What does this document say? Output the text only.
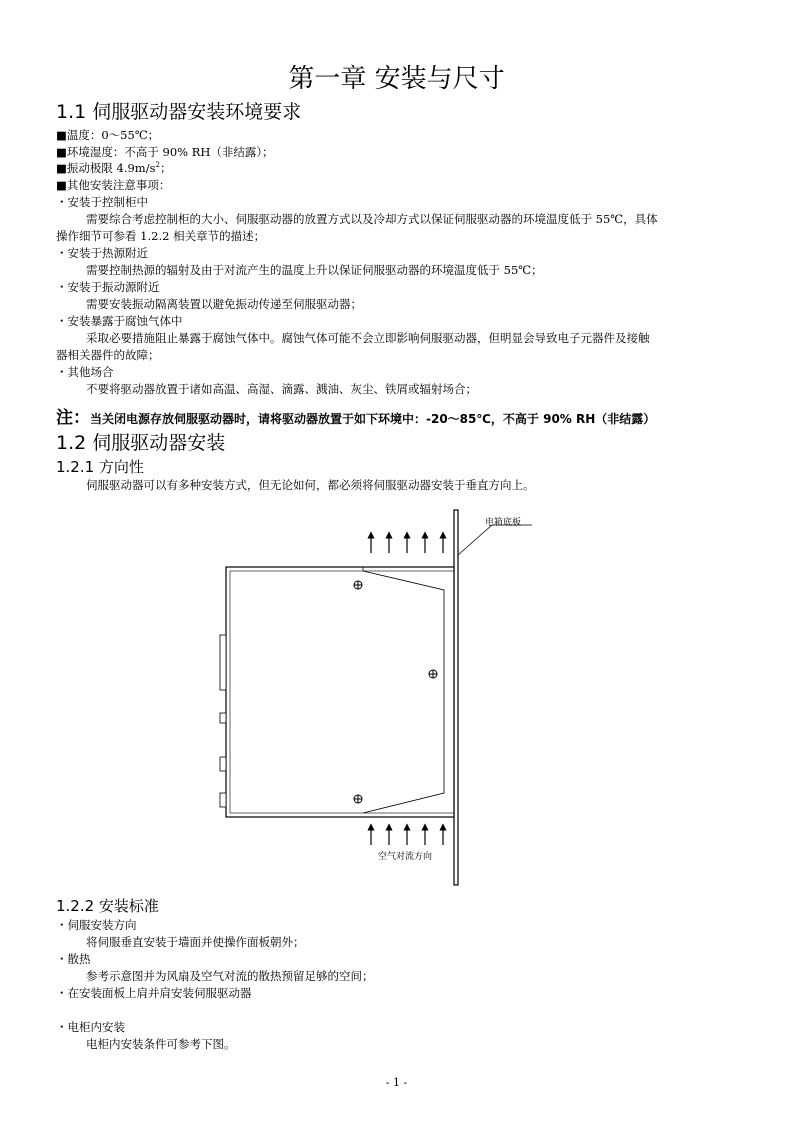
第一章 安装与尺寸
1.1 伺服驱动器安装环境要求
■温度：0～55℃；
■环境湿度：不高于 90% RH（非结露）；
■振动极限 $4.9m/s^2$；
■其他安装注意事项：
・安装于控制柜中
需要综合考虑控制柜的大小、伺服驱动器的放置方式以及冷却方式以保证伺服驱动器的环境温度低于 55℃，具体
操作细节可参看 1.2.2 相关章节的描述；
・安装于热源附近
需要控制热源的辐射及由于对流产生的温度上升以保证伺服驱动器的环境温度低于 55℃；
・安装于振动源附近
需要安装振动隔离装置以避免振动传递至伺服驱动器；
・安装暴露于腐蚀气体中
采取必要措施阻止暴露于腐蚀气体中。腐蚀气体可能不会立即影响伺服驱动器，但明显会导致电子元器件及接触
器相关器件的故障；
・其他场合
不要将驱动器放置于诸如高温、高湿、滴露、溅油、灰尘、铁屑或辐射场合；
注：当关闭电源存放伺服驱动器时，请将驱动器放置于如下环境中：-20～85℃，不高于 90% RH（非结露）
1.2 伺服驱动器安装
1.2.1 方向性
伺服驱动器可以有多种安装方式，但无论如何，都必须将伺服驱动器安装于垂直方向上。
电箱底板
空气对流方向
1.2.2 安装标准
・伺服安装方向
将伺服垂直安装于墙面并使操作面板朝外；
・散热
参考示意图并为风扇及空气对流的散热预留足够的空间；
・在安装面板上肩并肩安装伺服驱动器
・电柜内安装
电柜内安装条件可参考下图。
- 1 -
